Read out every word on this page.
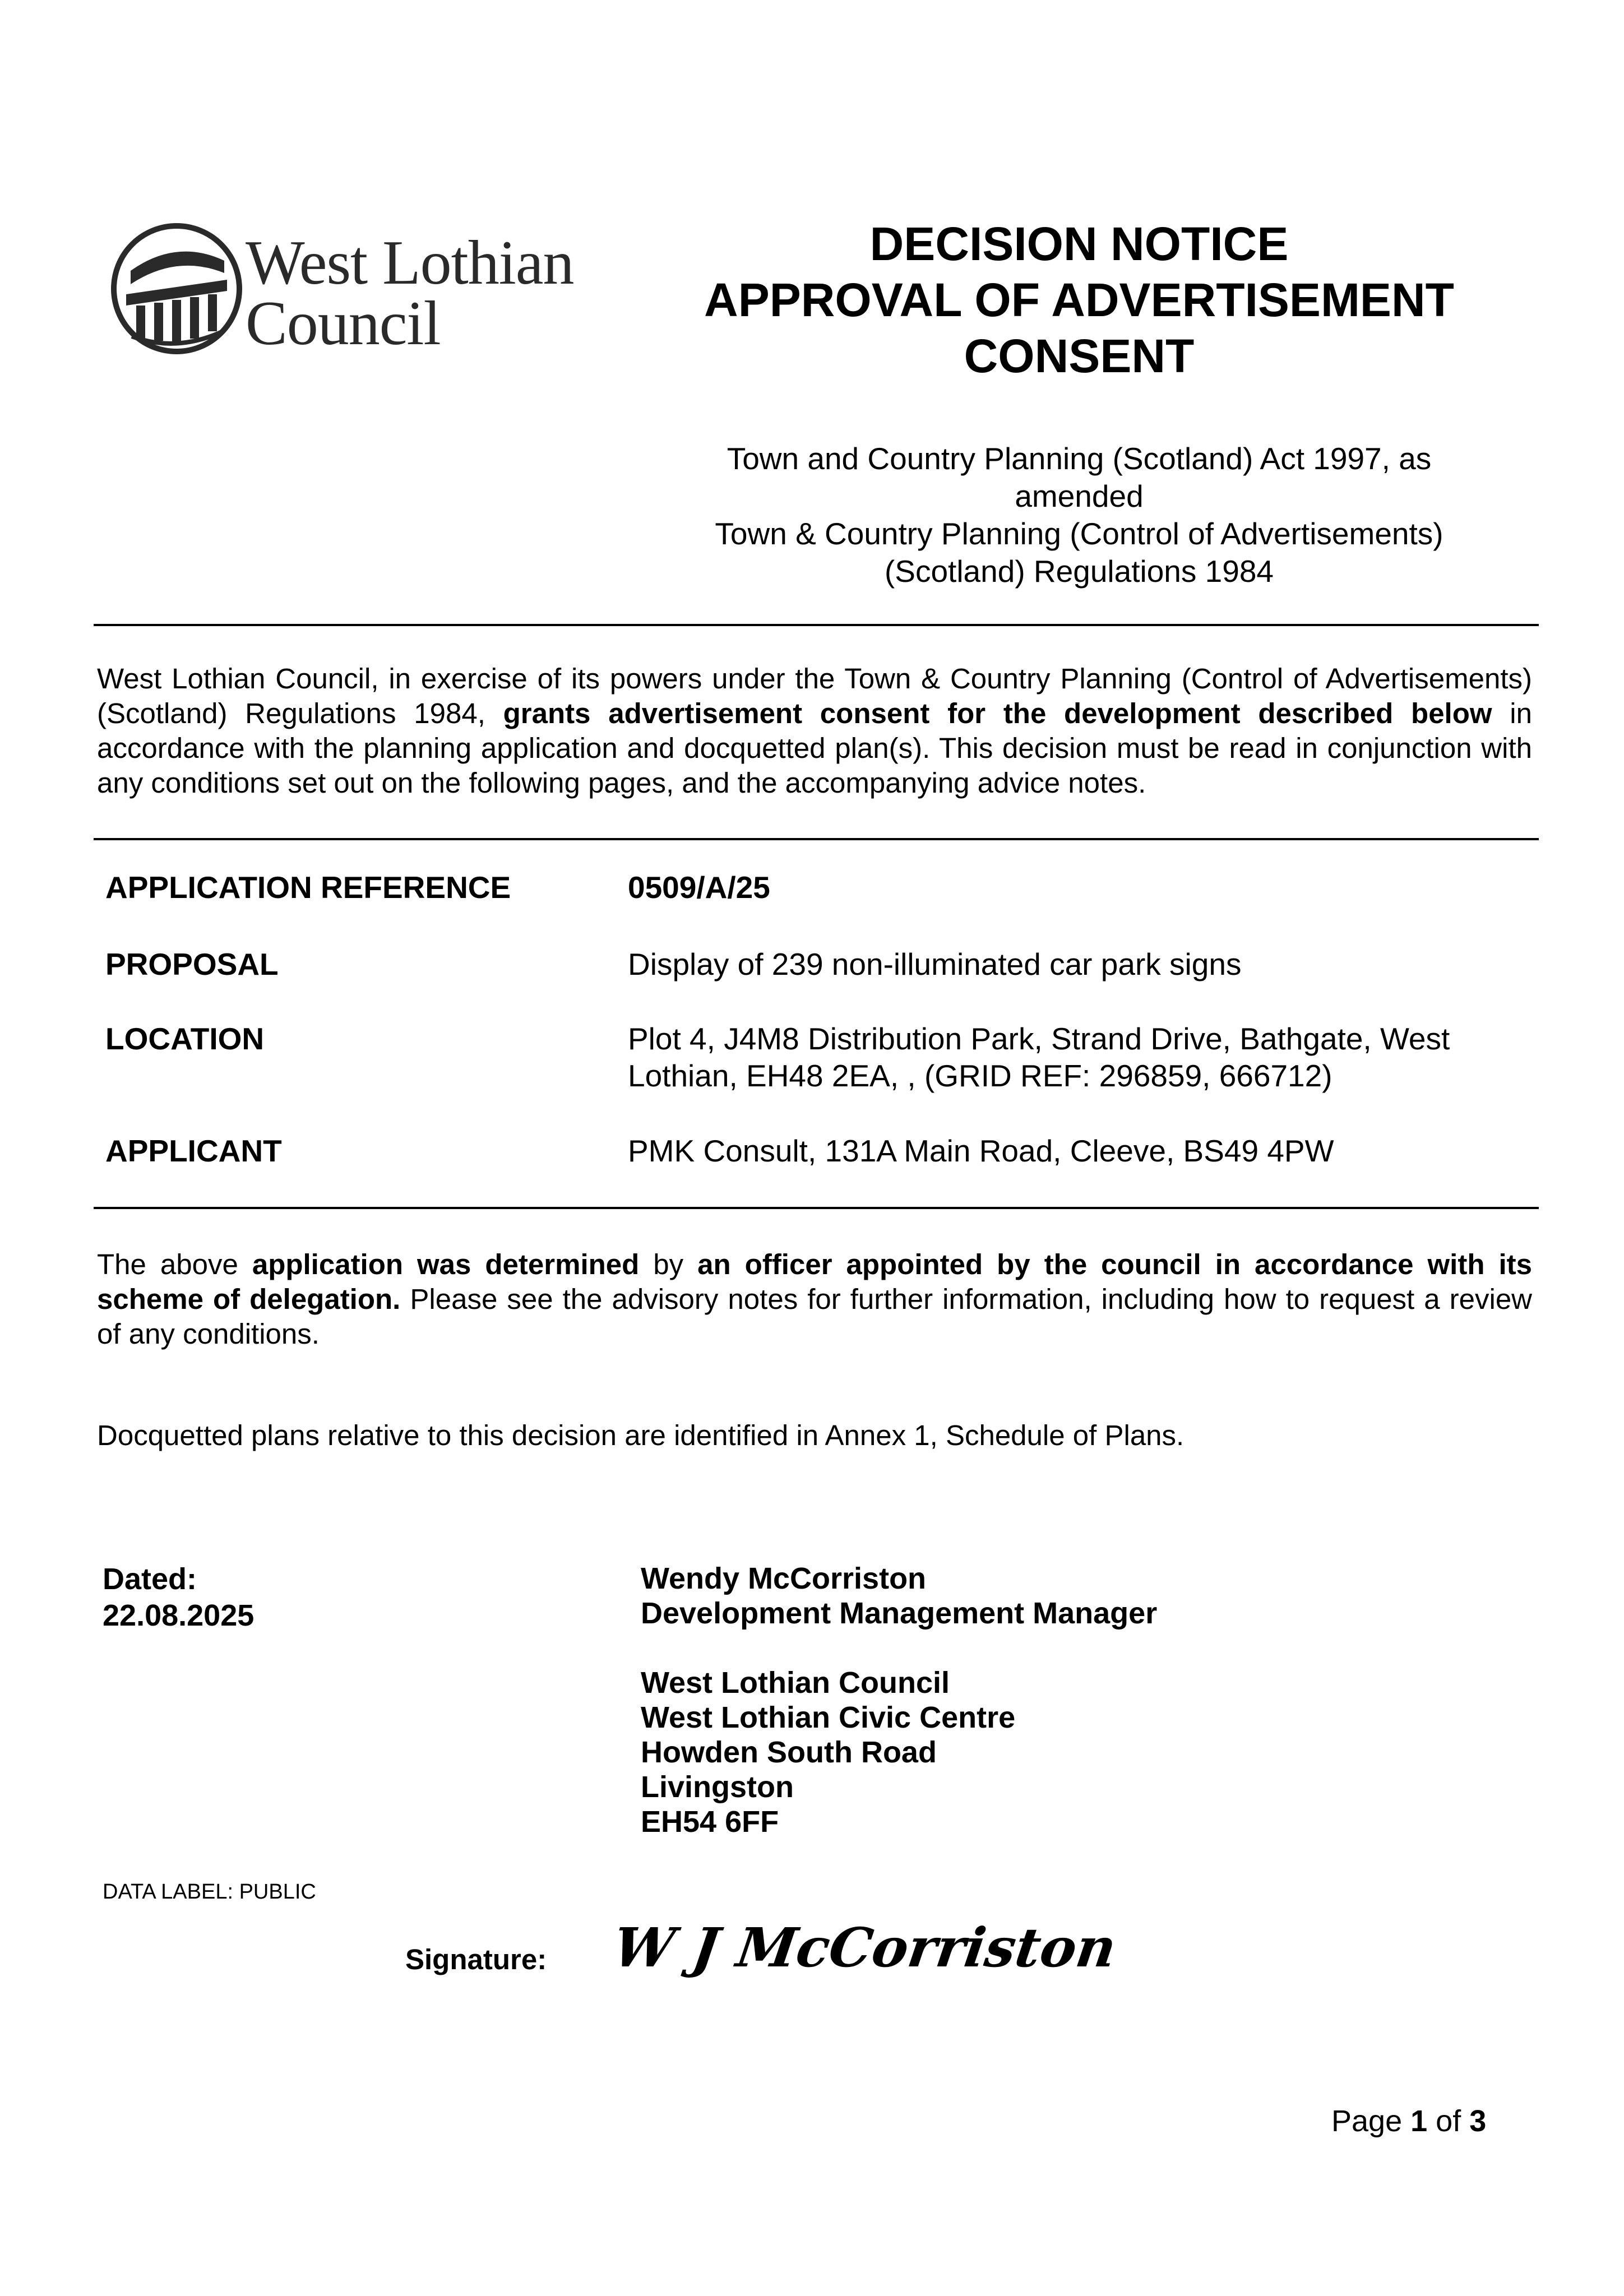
West Lothian
Council
DECISION NOTICE
APPROVAL OF ADVERTISEMENT
CONSENT
Town and Country Planning (Scotland) Act 1997, as
amended
Town & Country Planning (Control of Advertisements)
(Scotland) Regulations 1984
West Lothian Council, in exercise of its powers under the Town & Country Planning (Control of Advertisements) (Scotland) Regulations 1984, grants advertisement consent for the development described below in accordance with the planning application and docquetted plan(s). This decision must be read in conjunction with any conditions set out on the following pages, and the accompanying advice notes.
APPLICATION REFERENCE	0509/A/25
PROPOSAL	Display of 239 non-illuminated car park signs
LOCATION	Plot 4, J4M8 Distribution Park, Strand Drive, Bathgate, West
Lothian, EH48 2EA, , (GRID REF: 296859, 666712)
APPLICANT	PMK Consult, 131A Main Road, Cleeve, BS49 4PW
The above application was determined by an officer appointed by the council in accordance with its scheme of delegation. Please see the advisory notes for further information, including how to request a review of any conditions.
Docquetted plans relative to this decision are identified in Annex 1, Schedule of Plans.
Dated:
22.08.2025
Wendy McCorriston
Development Management Manager
West Lothian Council
West Lothian Civic Centre
Howden South Road
Livingston
EH54 6FF
DATA LABEL: PUBLIC
Signature: W J McCorriston
Page 1 of 3
